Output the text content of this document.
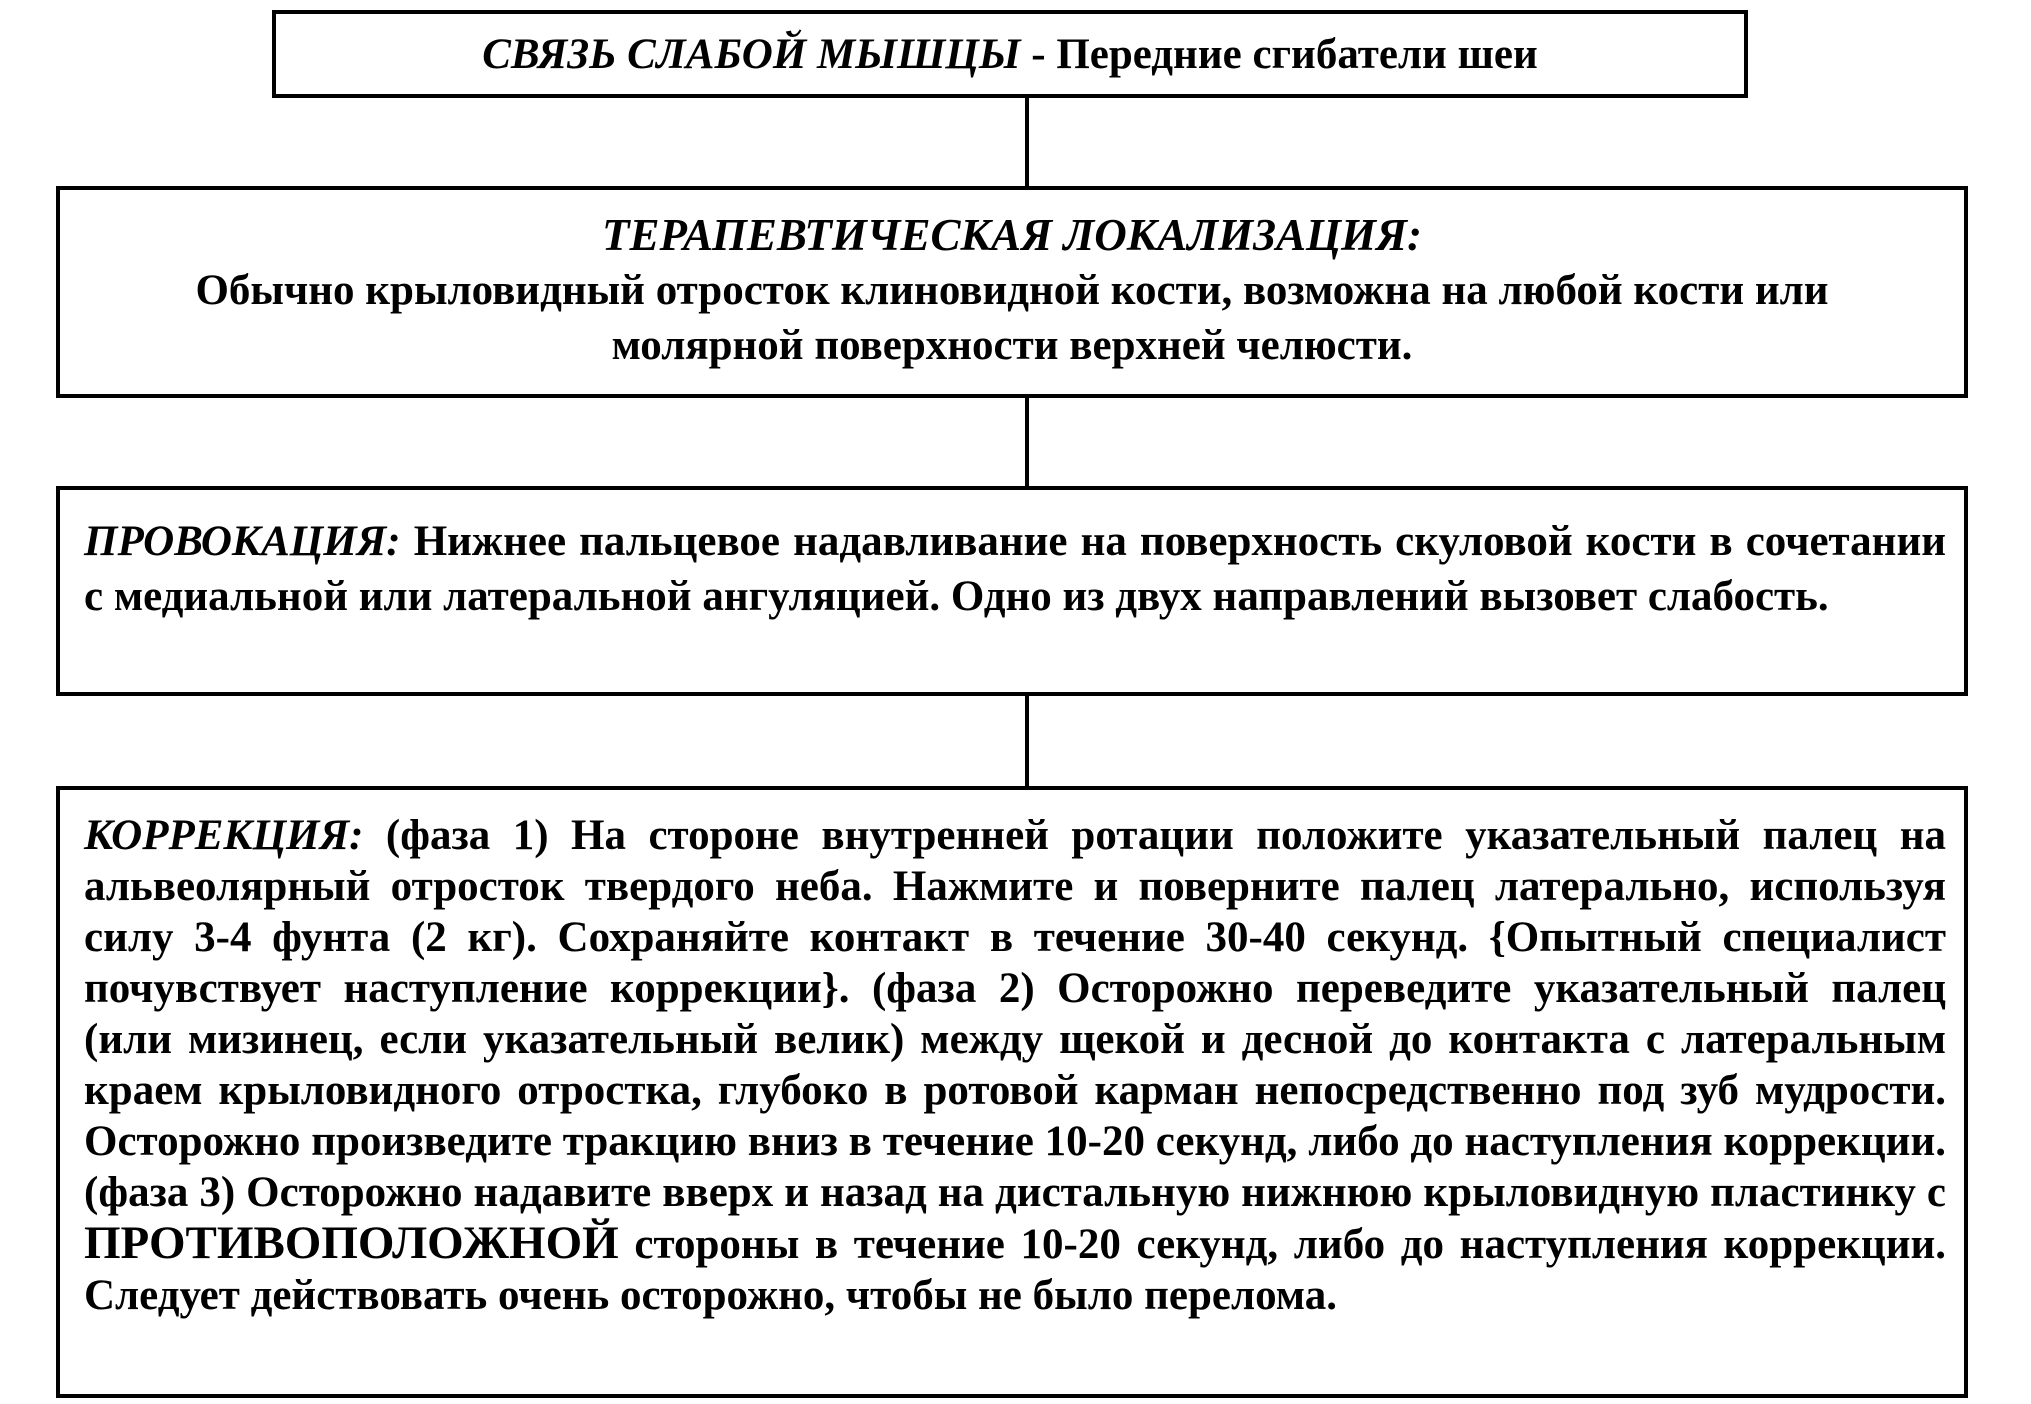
СВЯЗЬ СЛАБОЙ МЫШЦЫ - Передние сгибатели шеи
ТЕРАПЕВТИЧЕСКАЯ ЛОКАЛИЗАЦИЯ:
Обычно крыловидный отросток клиновидной кости, возможна на любой кости или молярной поверхности верхней челюсти.
ПРОВОКАЦИЯ: Нижнее пальцевое надавливание на поверхность скуловой кости в сочетании с медиальной или латеральной ангуляцией. Одно из двух направлений вызовет слабость.
КОРРЕКЦИЯ: (фаза 1) На стороне внутренней ротации положите указательный палец на альвеолярный отросток твердого неба. Нажмите и поверните палец латерально, используя силу 3-4 фунта (2 кг). Сохраняйте контакт в течение 30-40 секунд. {Опытный специалист почувствует наступление коррекции}. (фаза 2) Осторожно переведите указательный палец (или мизинец, если указательный велик) между щекой и десной до контакта с латеральным краем крыловидного отростка, глубоко в ротовой карман непосредственно под зуб мудрости. Осторожно произведите тракцию вниз в течение 10-20 секунд, либо до наступления коррекции. (фаза 3) Осторожно надавите вверх и назад на дистальную нижнюю крыловидную пластинку с ПРОТИВОПОЛОЖНОЙ стороны в течение 10-20 секунд, либо до наступления коррекции. Следует действовать очень осторожно, чтобы не было перелома.
